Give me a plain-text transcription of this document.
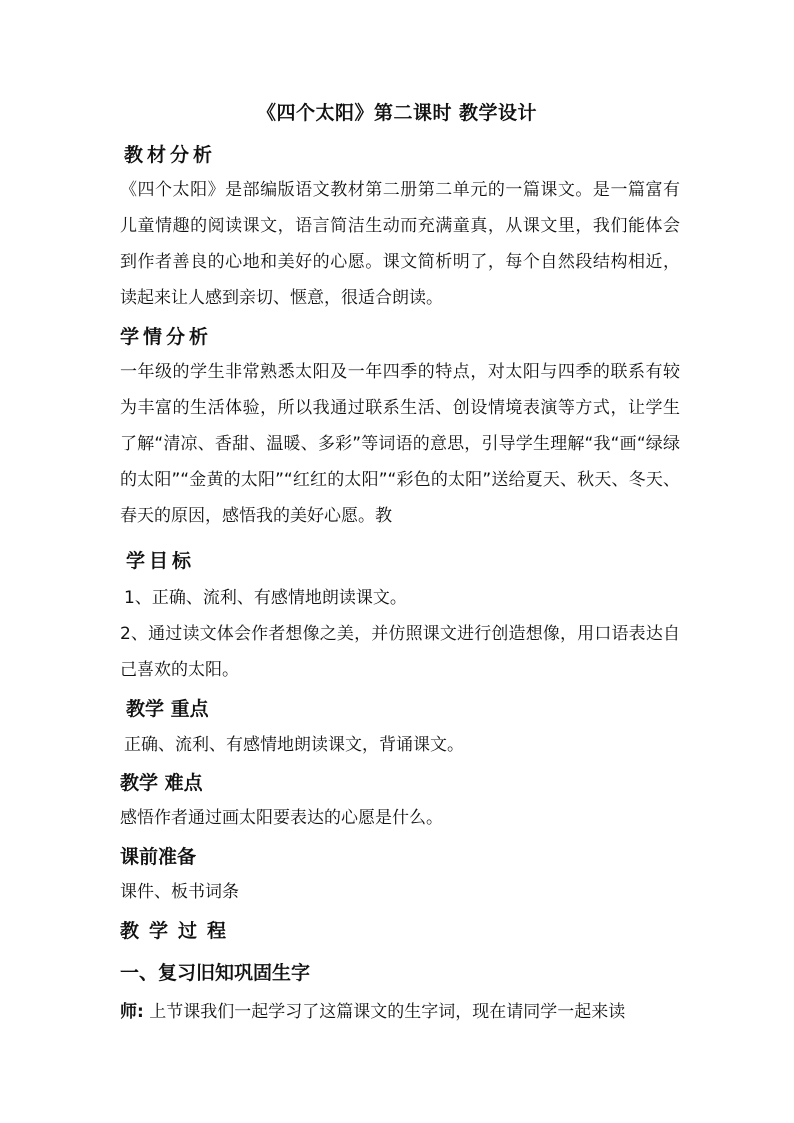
《四个太阳》第二课时 教学设计
教材分析
《四个太阳》是部编版语文教材第二册第二单元的一篇课文。是一篇富有儿童情趣的阅读课文，语言简洁生动而充满童真，从课文里，我们能体会到作者善良的心地和美好的心愿。课文简析明了，每个自然段结构相近，读起来让人感到亲切、惬意，很适合朗读。
学情分析
一年级的学生非常熟悉太阳及一年四季的特点，对太阳与四季的联系有较为丰富的生活体验，所以我通过联系生活、创设情境表演等方式，让学生了解“清凉、香甜、温暖、多彩”等词语的意思，引导学生理解“我“画“绿绿的太阳”“金黄的太阳”“红红的太阳”“彩色的太阳”送给夏天、秋天、冬天、春天的原因，感悟我的美好心愿。教
学目标
1、正确、流利、有感情地朗读课文。
2、通过读文体会作者想像之美，并仿照课文进行创造想像，用口语表达自己喜欢的太阳。
教学 重点
正确、流利、有感情地朗读课文，背诵课文。
教学 难点
感悟作者通过画太阳要表达的心愿是什么。
课前准备
课件、板书词条
教学过程
一、复习旧知巩固生字
师: 上节课我们一起学习了这篇课文的生字词，现在请同学一起来读
